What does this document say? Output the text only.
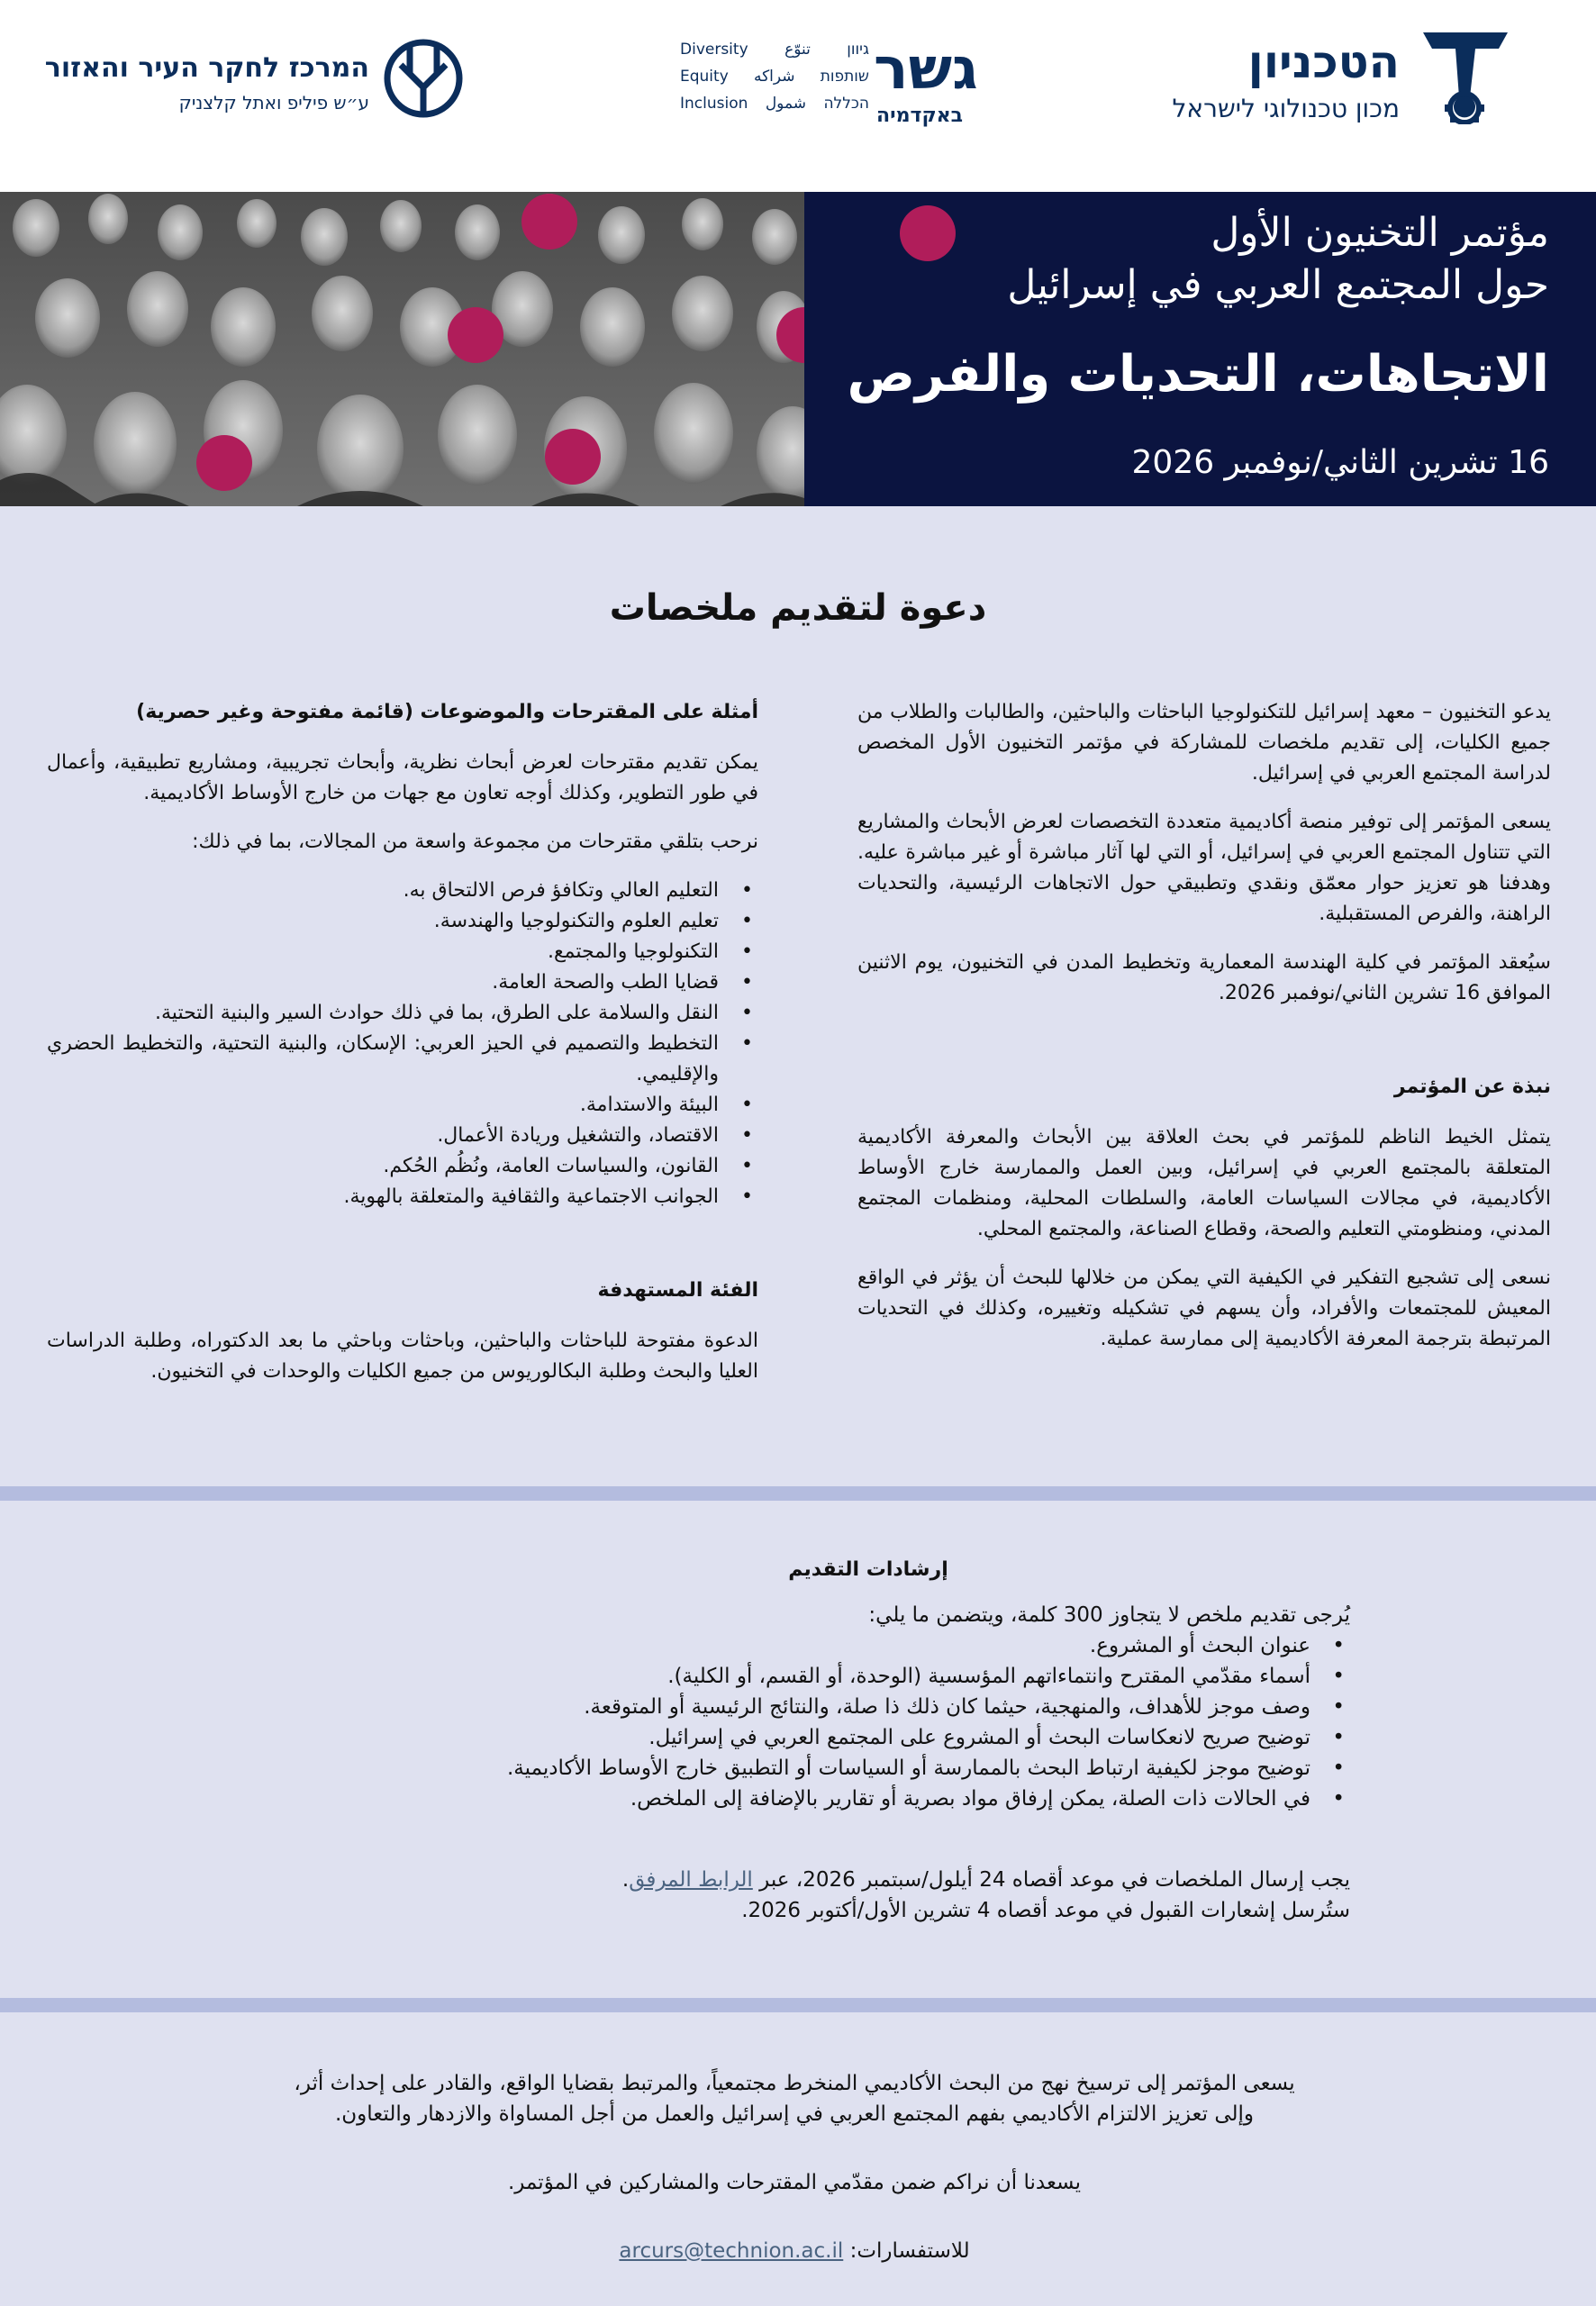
הטכניון
מכון טכנולוגי לישראל
Diversity تنوّع גיוון
Equity شراكه שותפות
Inclusion شمول הכללה
גשר
באקדמיה
המרכז לחקר העיר והאזור
ע״ש פיליפ ואתל קלצניק
مؤتمر التخنيون الأول
حول المجتمع العربي في إسرائيل
الاتجاهات، التحديات والفرص
16 تشرين الثاني/نوفمبر 2026
دعوة لتقديم ملخصات

يدعو التخنيون – معهد إسرائيل للتكنولوجيا الباحثات والباحثين، والطالبات والطلاب من جميع الكليات، إلى تقديم ملخصات للمشاركة في مؤتمر التخنيون الأول المخصص لدراسة المجتمع العربي في إسرائيل.

يسعى المؤتمر إلى توفير منصة أكاديمية متعددة التخصصات لعرض الأبحاث والمشاريع التي تتناول المجتمع العربي في إسرائيل، أو التي لها آثار مباشرة أو غير مباشرة عليه. وهدفنا هو تعزيز حوار معمّق ونقدي وتطبيقي حول الاتجاهات الرئيسية، والتحديات الراهنة، والفرص المستقبلية.

سيُعقد المؤتمر في كلية الهندسة المعمارية وتخطيط المدن في التخنيون، يوم الاثنين الموافق 16 تشرين الثاني/نوفمبر 2026.

نبذة عن المؤتمر

يتمثل الخيط الناظم للمؤتمر في بحث العلاقة بين الأبحاث والمعرفة الأكاديمية المتعلقة بالمجتمع العربي في إسرائيل، وبين العمل والممارسة خارج الأوساط الأكاديمية، في مجالات السياسات العامة، والسلطات المحلية، ومنظمات المجتمع المدني، ومنظومتي التعليم والصحة، وقطاع الصناعة، والمجتمع المحلي.

نسعى إلى تشجيع التفكير في الكيفية التي يمكن من خلالها للبحث أن يؤثر في الواقع المعيش للمجتمعات والأفراد، وأن يسهم في تشكيله وتغييره، وكذلك في التحديات المرتبطة بترجمة المعرفة الأكاديمية إلى ممارسة عملية.

أمثلة على المقترحات والموضوعات (قائمة مفتوحة وغير حصرية)

يمكن تقديم مقترحات لعرض أبحاث نظرية، وأبحاث تجريبية، ومشاريع تطبيقية، وأعمال في طور التطوير، وكذلك أوجه تعاون مع جهات من خارج الأوساط الأكاديمية.

نرحب بتلقي مقترحات من مجموعة واسعة من المجالات، بما في ذلك:

• التعليم العالي وتكافؤ فرص الالتحاق به.
• تعليم العلوم والتكنولوجيا والهندسة.
• التكنولوجيا والمجتمع.
• قضايا الطب والصحة العامة.
• النقل والسلامة على الطرق، بما في ذلك حوادث السير والبنية التحتية.
• التخطيط والتصميم في الحيز العربي: الإسكان، والبنية التحتية، والتخطيط الحضري والإقليمي.
• البيئة والاستدامة.
• الاقتصاد، والتشغيل وريادة الأعمال.
• القانون، والسياسات العامة، ونُظُم الحُكم.
• الجوانب الاجتماعية والثقافية والمتعلقة بالهوية.
الفئة المستهدفة

الدعوة مفتوحة للباحثات والباحثين، وباحثات وباحثي ما بعد الدكتوراه، وطلبة الدراسات العليا والبحث وطلبة البكالوريوس من جميع الكليات والوحدات في التخنيون.

إرشادات التقديم

يُرجى تقديم ملخص لا يتجاوز 300 كلمة، ويتضمن ما يلي:

• عنوان البحث أو المشروع.
• أسماء مقدّمي المقترح وانتماءاتهم المؤسسية (الوحدة، أو القسم، أو الكلية).
• وصف موجز للأهداف، والمنهجية، حيثما كان ذلك ذا صلة، والنتائج الرئيسية أو المتوقعة.
• توضيح صريح لانعكاسات البحث أو المشروع على المجتمع العربي في إسرائيل.
• توضيح موجز لكيفية ارتباط البحث بالممارسة أو السياسات أو التطبيق خارج الأوساط الأكاديمية.
• في الحالات ذات الصلة، يمكن إرفاق مواد بصرية أو تقارير بالإضافة إلى الملخص.

يجب إرسال الملخصات في موعد أقصاه 24 أيلول/سبتمبر 2026، عبر الرابط المرفق.

ستُرسل إشعارات القبول في موعد أقصاه 4 تشرين الأول/أكتوبر 2026.

يسعى المؤتمر إلى ترسيخ نهج من البحث الأكاديمي المنخرط مجتمعياً، والمرتبط بقضايا الواقع، والقادر على إحداث أثر،

وإلى تعزيز الالتزام الأكاديمي بفهم المجتمع العربي في إسرائيل والعمل من أجل المساواة والازدهار والتعاون.

يسعدنا أن نراكم ضمن مقدّمي المقترحات والمشاركين في المؤتمر.

للاستفسارات: arcurs@technion.ac.il
